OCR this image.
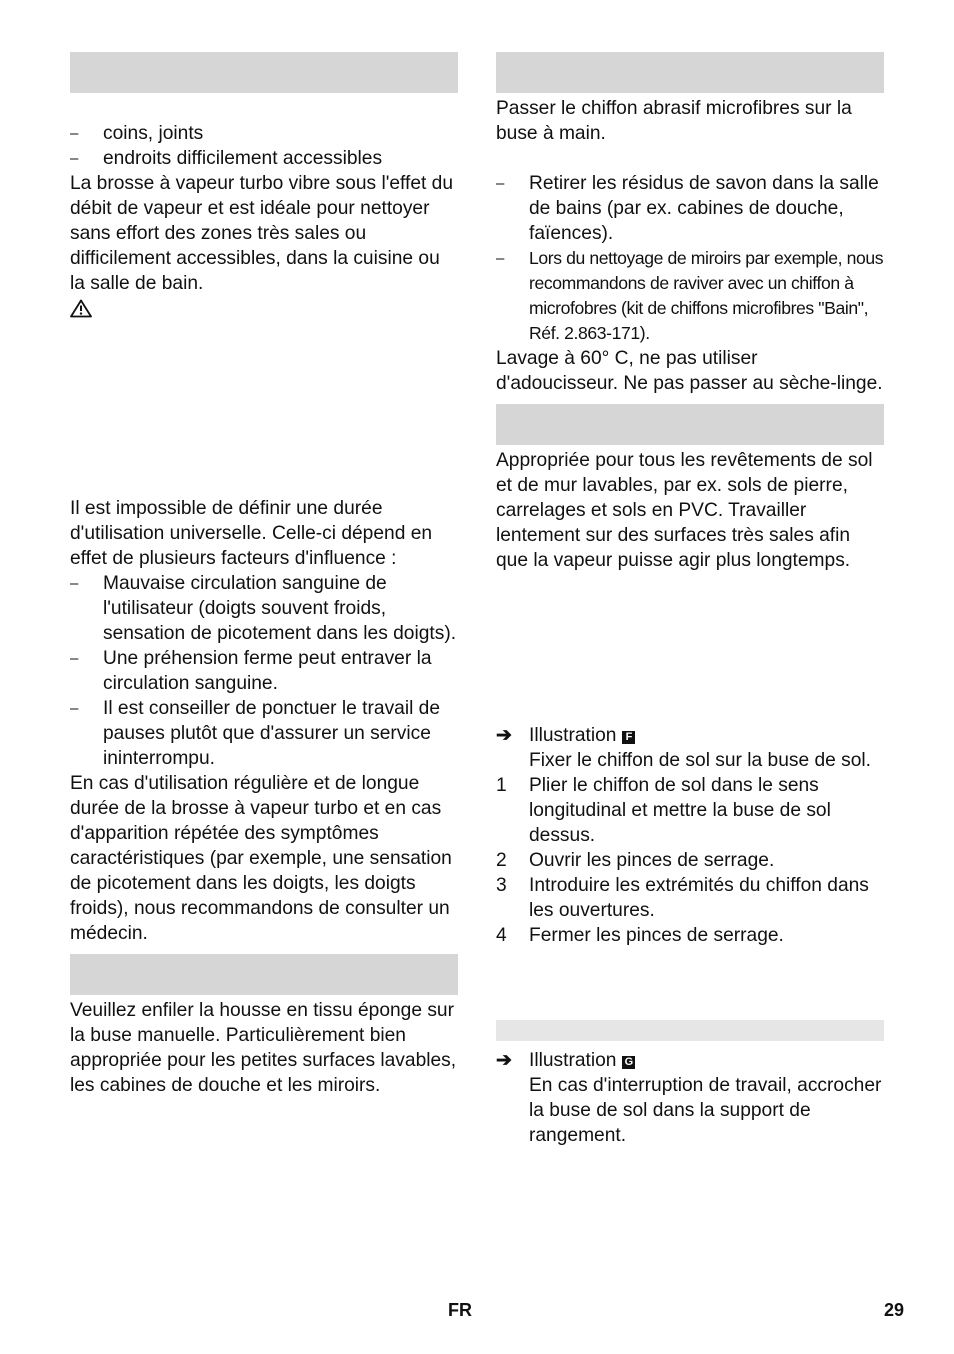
– coins, joints
– endroits difficilement accessibles

La brosse à vapeur turbo vibre sous l'effet du débit de vapeur et est idéale pour nettoyer sans effort des zones très sales ou difficilement accessibles, dans la cuisine ou la salle de bain.

Il est impossible de définir une durée d'utilisation universelle. Celle-ci dépend en effet de plusieurs facteurs d'influence :

– Mauvaise circulation sanguine de l'utilisateur (doigts souvent froids, sensation de picotement dans les doigts).
– Une préhension ferme peut entraver la circulation sanguine.
– Il est conseiller de ponctuer le travail de pauses plutôt que d'assurer un service ininterrompu.

En cas d'utilisation régulière et de longue durée de la brosse à vapeur turbo et en cas d'apparition répétée des symptômes caractéristiques (par exemple, une sensation de picotement dans les doigts, les doigts froids), nous recommandons de consulter un médecin.

Veuillez enfiler la housse en tissu éponge sur la buse manuelle. Particulièrement bien appropriée pour les petites surfaces lavables, les cabines de douche et les miroirs.

Passer le chiffon abrasif microfibres sur la buse à main.

– Retirer les résidus de savon dans la salle de bains (par ex. cabines de douche, faïences).
– Lors du nettoyage de miroirs par exemple, nous recommandons de raviver avec un chiffon à microfobres (kit de chiffons microfibres "Bain", Réf. 2.863-171).

Lavage à 60° C, ne pas utiliser d'adoucisseur. Ne pas passer au sèche-linge.

Appropriée pour tous les revêtements de sol et de mur lavables, par ex. sols de pierre, carrelages et sols en PVC. Travailler lentement sur des surfaces très sales afin que la vapeur puisse agir plus longtemps.

➔ Illustration F
Fixer le chiffon de sol sur la buse de sol.
1 Plier le chiffon de sol dans le sens longitudinal et mettre la buse de sol dessus.
2 Ouvrir les pinces de serrage.
3 Introduire les extrémités du chiffon dans les ouvertures.
4 Fermer les pinces de serrage.
➔ Illustration G
En cas d'interruption de travail, accrocher la buse de sol dans la support de rangement.
FR	29
